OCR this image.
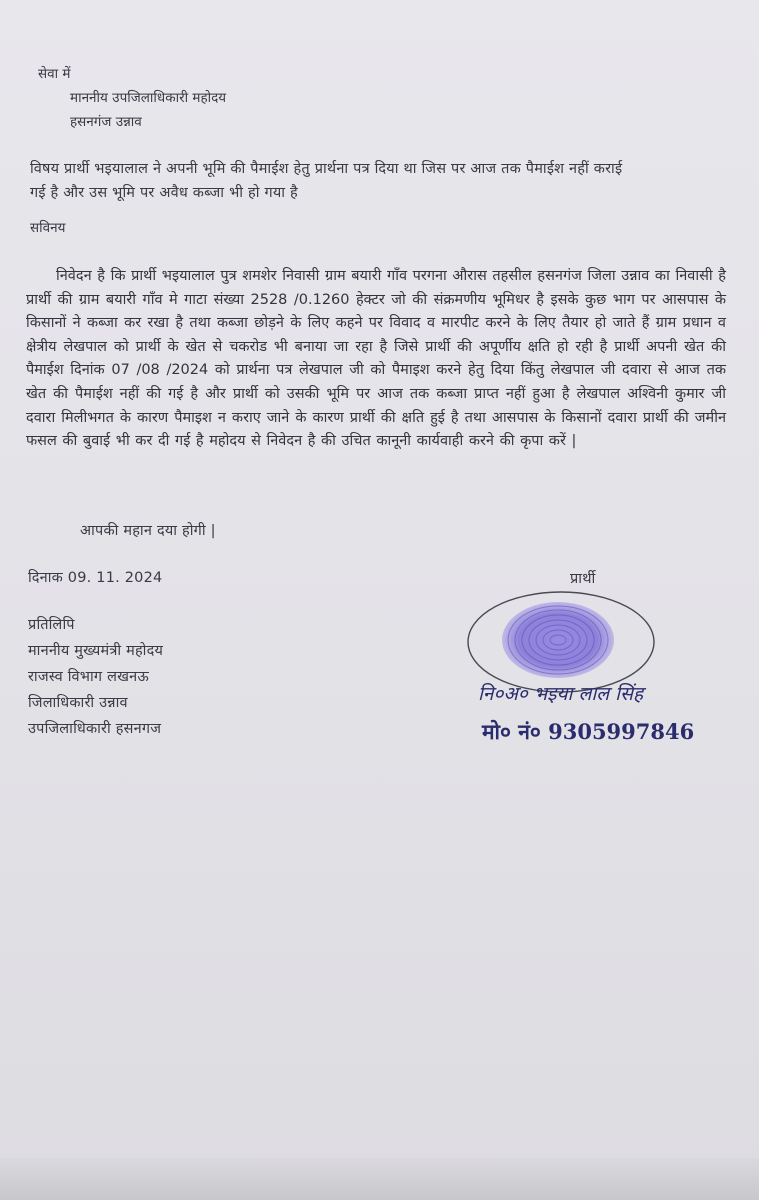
सेवा में
माननीय उपजिलाधिकारी महोदय
हसनगंज उन्नाव
विषय प्रार्थी भइयालाल ने अपनी भूमि की पैमाईश हेतु प्रार्थना पत्र दिया था जिस पर आज तक पैमाईश नहीं कराई
गई है और उस भूमि पर अवैध कब्जा भी हो गया है
सविनय
निवेदन है कि प्रार्थी भइयालाल पुत्र शमशेर निवासी ग्राम बयारी गाँव परगना औरास तहसील हसनगंज जिला उन्नाव का निवासी है प्रार्थी की ग्राम बयारी गाँव मे गाटा संख्या 2528 /0.1260 हेक्टर जो की संक्रमणीय भूमिधर है इसके कुछ भाग पर आसपास के किसानों ने कब्जा कर रखा है तथा कब्जा छोड़ने के लिए कहने पर विवाद व मारपीट करने के लिए तैयार हो जाते हैं ग्राम प्रधान व क्षेत्रीय लेखपाल को प्रार्थी के खेत से चकरोड भी बनाया जा रहा है जिसे प्रार्थी की अपूर्णीय क्षति हो रही है प्रार्थी अपनी खेत की पैमाईश दिनांक 07 /08 /2024 को प्रार्थना पत्र लेखपाल जी को पैमाइश करने हेतु दिया किंतु लेखपाल जी दवारा से आज तक खेत की पैमाईश नहीं की गई है और प्रार्थी को उसकी भूमि पर आज तक कब्जा प्राप्त नहीं हुआ है लेखपाल अश्विनी कुमार जी दवारा मिलीभगत के कारण पैमाइश न कराए जाने के कारण प्रार्थी की क्षति हुई है तथा आसपास के किसानों दवारा प्रार्थी की जमीन फसल की बुवाई भी कर दी गई है महोदय से निवेदन है की उचित कानूनी कार्यवाही करने की कृपा करें |
आपकी महान दया होगी |
दिनाक 09. 11. 2024	प्रार्थी
प्रतिलिपि
माननीय मुख्यमंत्री महोदय
राजस्व विभाग लखनऊ
जिलाधिकारी उन्नाव
उपजिलाधिकारी हसनगज
नि०अ० भइया लाल सिंह
मो० नं० 9305997846
